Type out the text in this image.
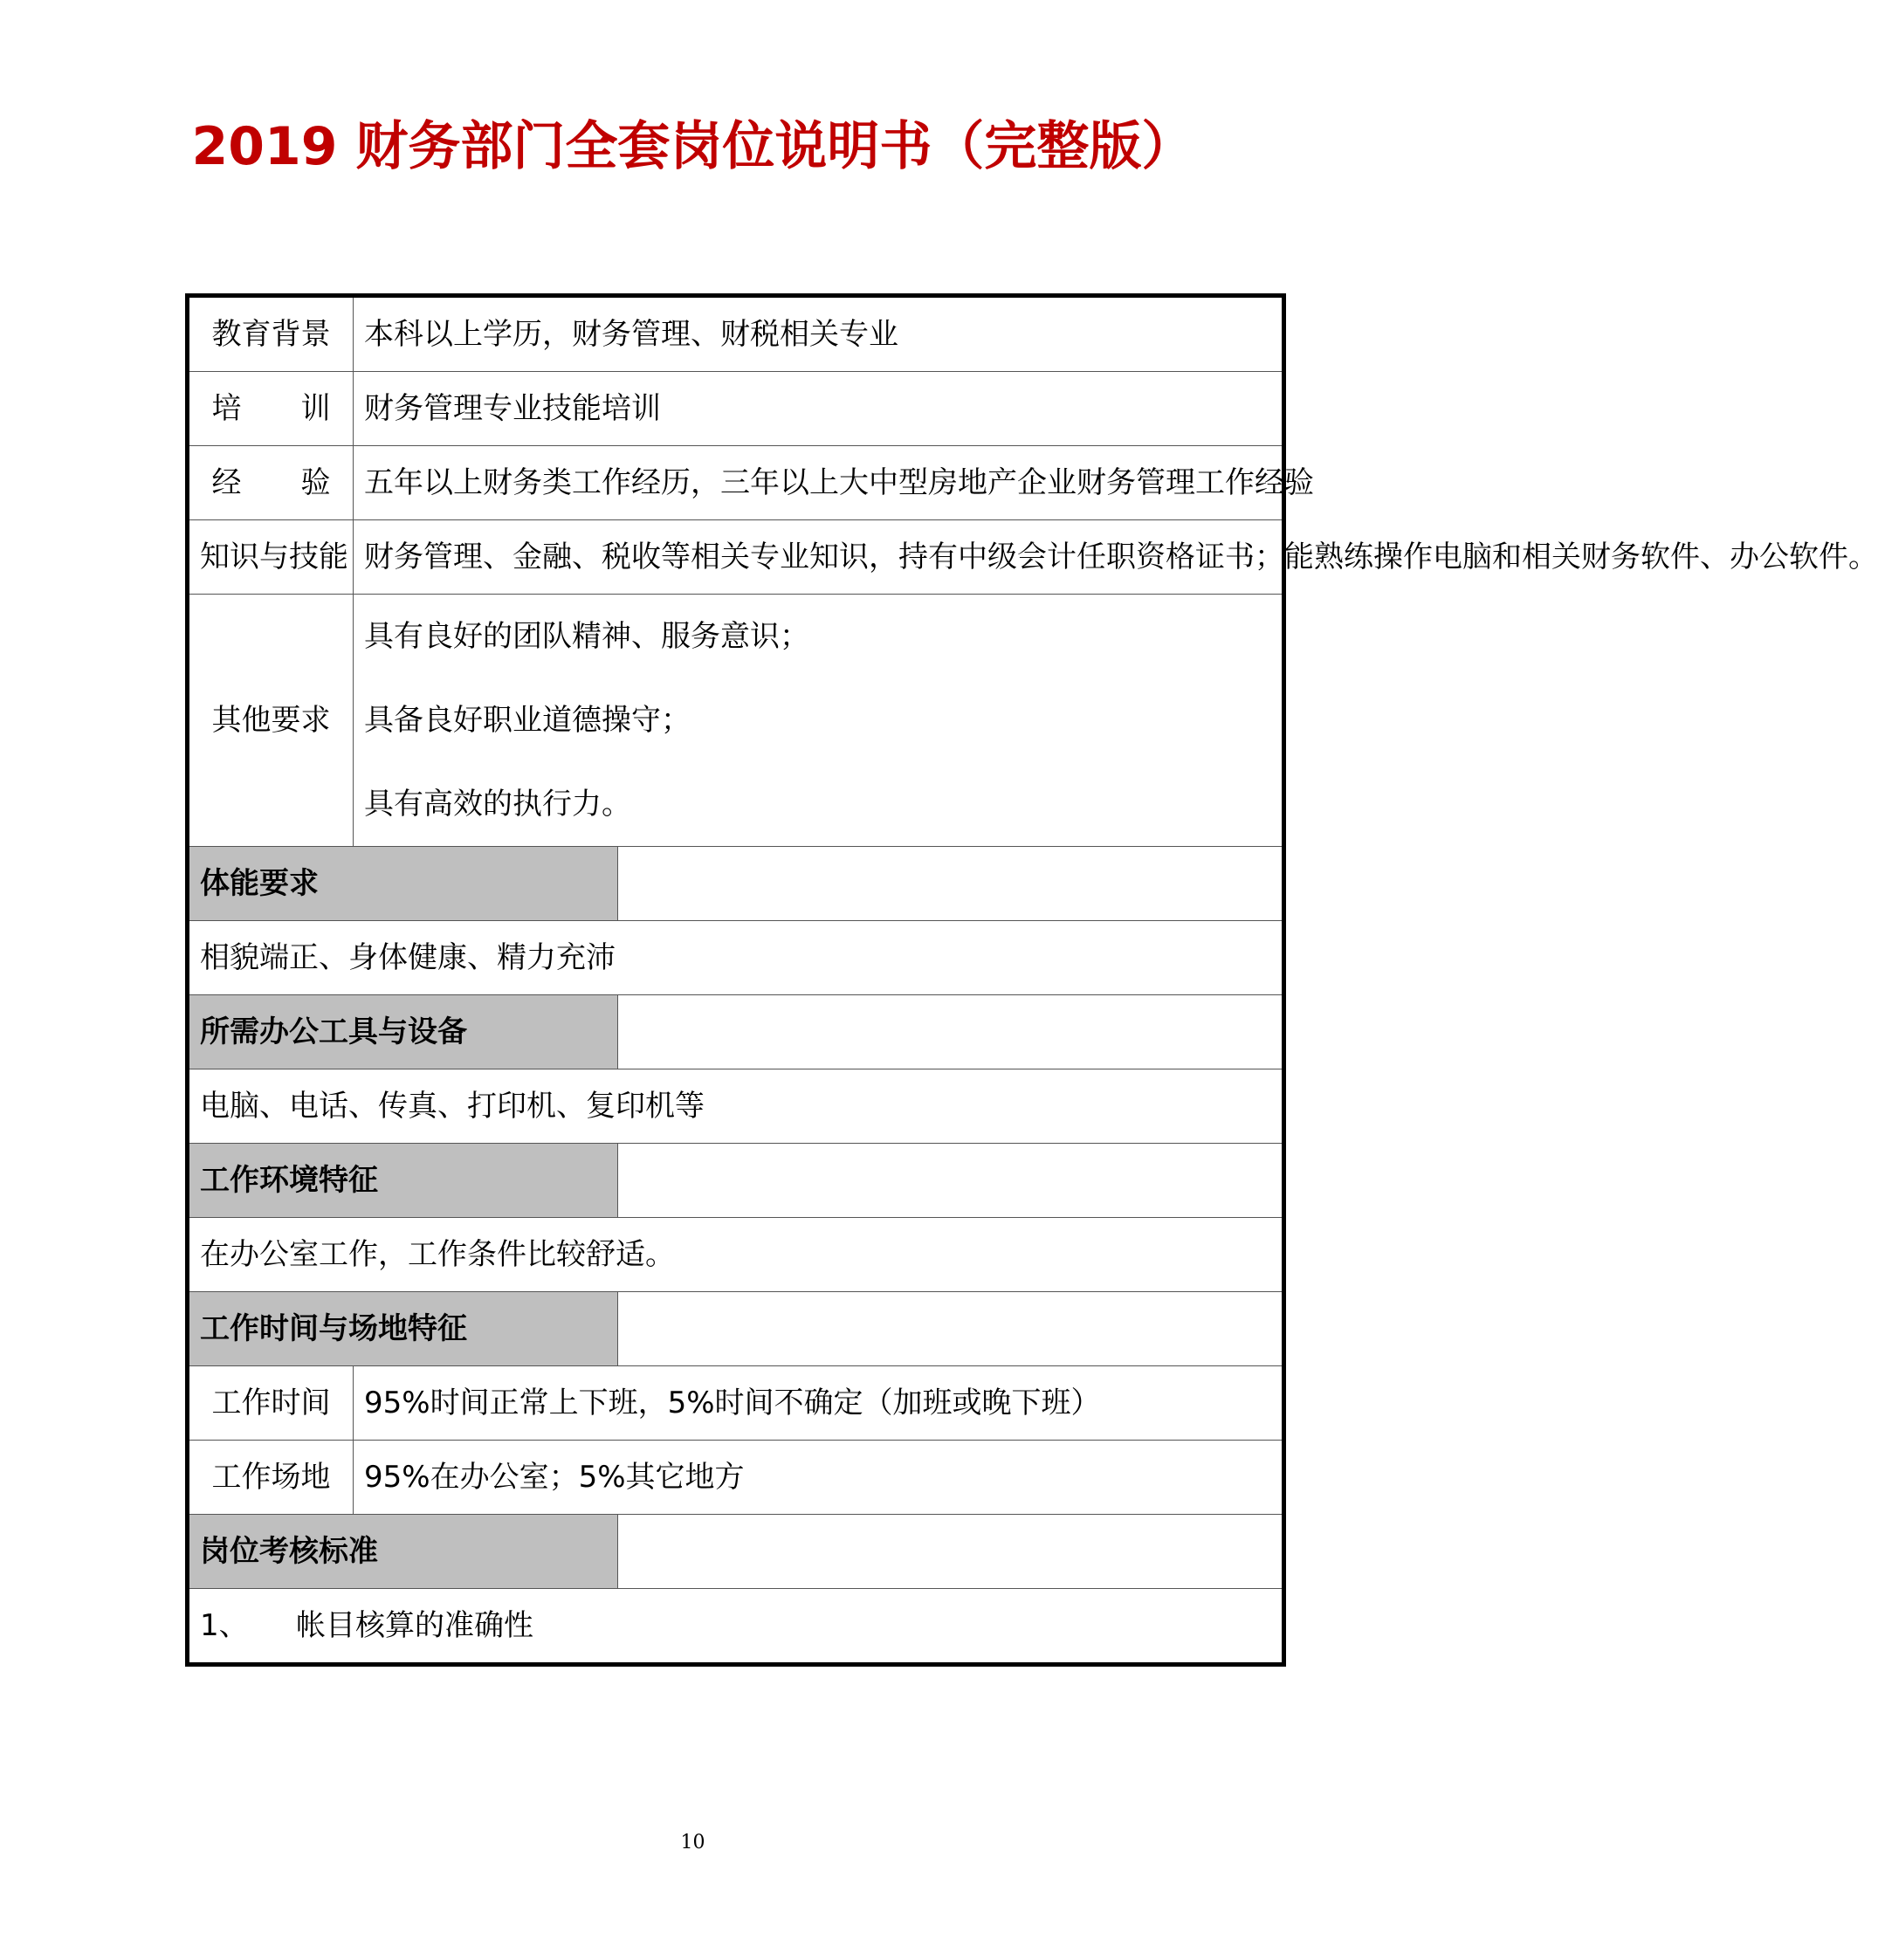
2019 财务部门全套岗位说明书（完整版）
教育背景	本科以上学历，财务管理、财税相关专业	
培　　训	财务管理专业技能培训	
经　　验	五年以上财务类工作经历，三年以上大中型房地产企业财务管理工作经验	
知识与技能	财务管理、金融、税收等相关专业知识，持有中级会计任职资格证书；能熟练操作电脑和相关财务软件、办公软件。	
其他要求	具有良好的团队精神、服务意识；
具备良好职业道德操守；
具有高效的执行力。	

体能要求		
相貌端正、身体健康、精力充沛		
所需办公工具与设备		
电脑、电话、传真、打印机、复印机等		
工作环境特征		
在办公室工作，工作条件比较舒适。		
工作时间与场地特征		
工作时间	95%时间正常上下班，5%时间不确定（加班或晚下班）	
工作场地	95%在办公室；5%其它地方	
岗位考核标准		
1、 帐目核算的准确性		
10
